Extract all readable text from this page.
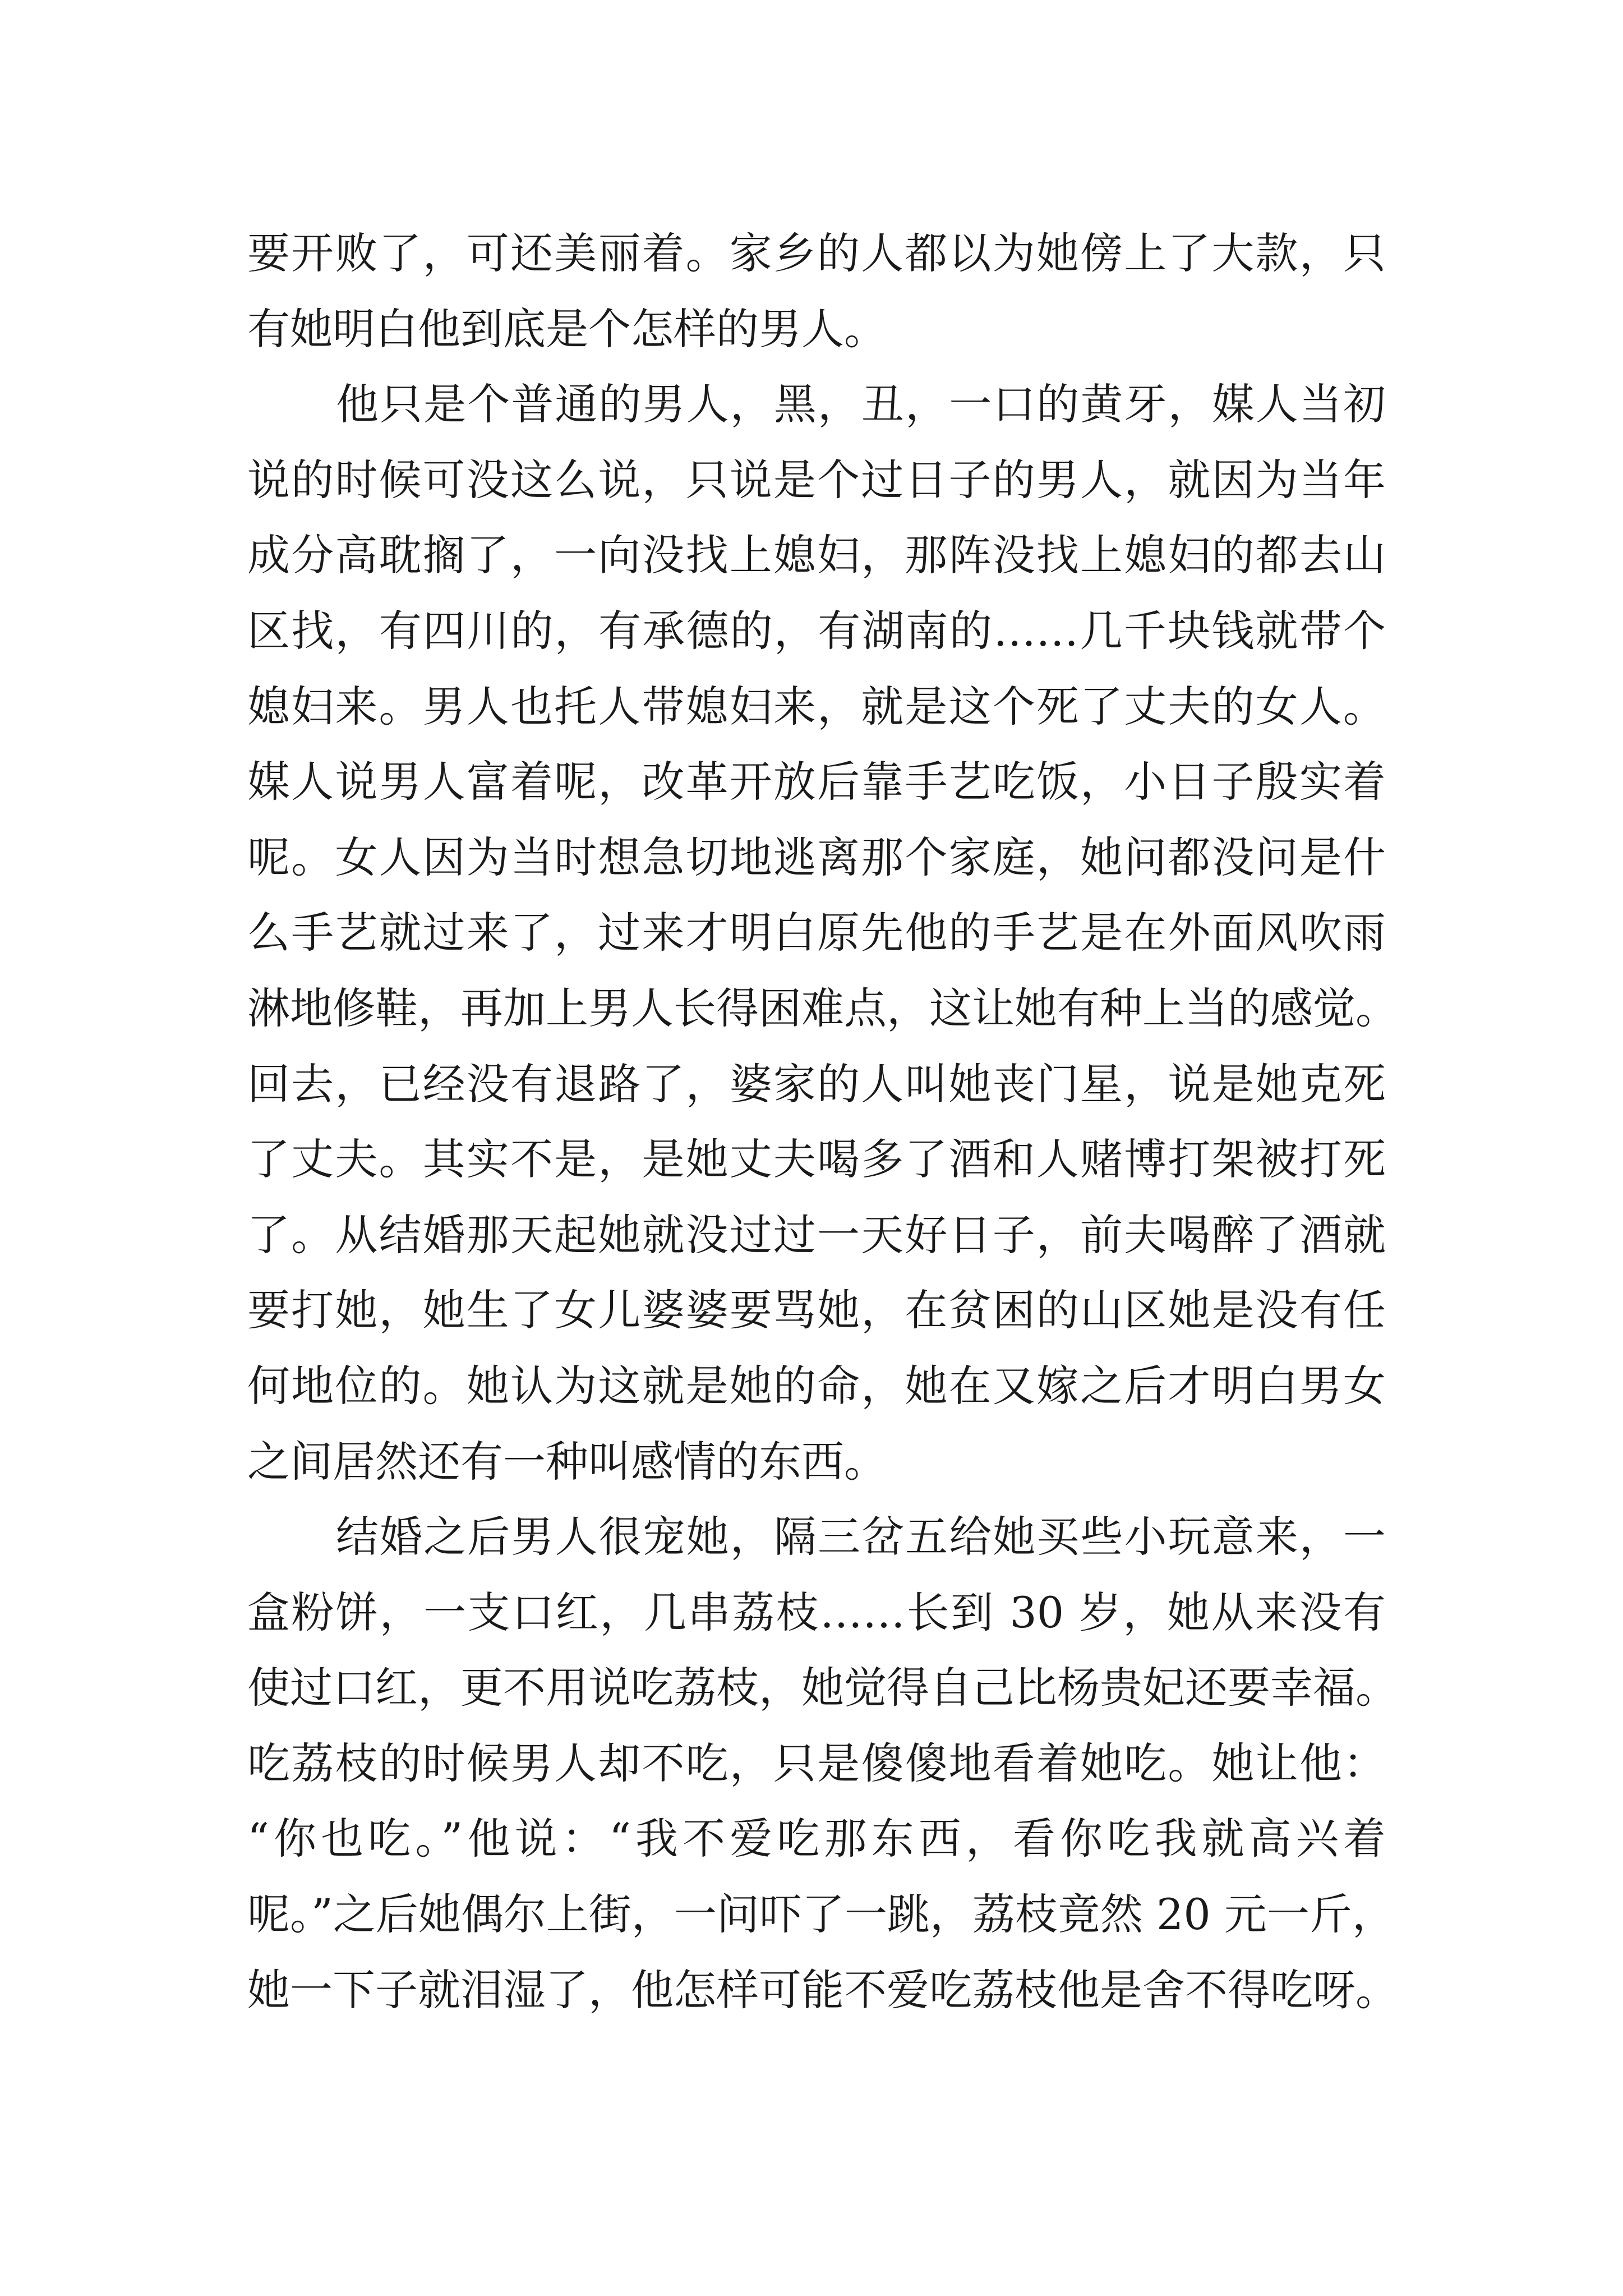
要开败了，可还美丽着。家乡的人都以为她傍上了大款，只
有她明白他到底是个怎样的男人。
他只是个普通的男人，黑，丑，一口的黄牙，媒人当初
说的时候可没这么说，只说是个过日子的男人，就因为当年
成分高耽搁了，一向没找上媳妇，那阵没找上媳妇的都去山
区找，有四川的，有承德的，有湖南的……几千块钱就带个
媳妇来。男人也托人带媳妇来，就是这个死了丈夫的女人。
媒人说男人富着呢，改革开放后靠手艺吃饭，小日子殷实着
呢。女人因为当时想急切地逃离那个家庭，她问都没问是什
么手艺就过来了，过来才明白原先他的手艺是在外面风吹雨
淋地修鞋，再加上男人长得困难点，这让她有种上当的感觉。
回去，已经没有退路了，婆家的人叫她丧门星，说是她克死
了丈夫。其实不是，是她丈夫喝多了酒和人赌博打架被打死
了。从结婚那天起她就没过过一天好日子，前夫喝醉了酒就
要打她，她生了女儿婆婆要骂她，在贫困的山区她是没有任
何地位的。她认为这就是她的命，她在又嫁之后才明白男女
之间居然还有一种叫感情的东西。
结婚之后男人很宠她，隔三岔五给她买些小玩意来，一
盒粉饼，一支口红，几串荔枝……长到 30 岁，她从来没有
使过口红，更不用说吃荔枝，她觉得自己比杨贵妃还要幸福。
吃荔枝的时候男人却不吃，只是傻傻地看着她吃。她让他：
“你也吃。”他说：“我不爱吃那东西，看你吃我就高兴着
呢。”之后她偶尔上街，一问吓了一跳，荔枝竟然 20 元一斤，
她一下子就泪湿了，他怎样可能不爱吃荔枝他是舍不得吃呀。
